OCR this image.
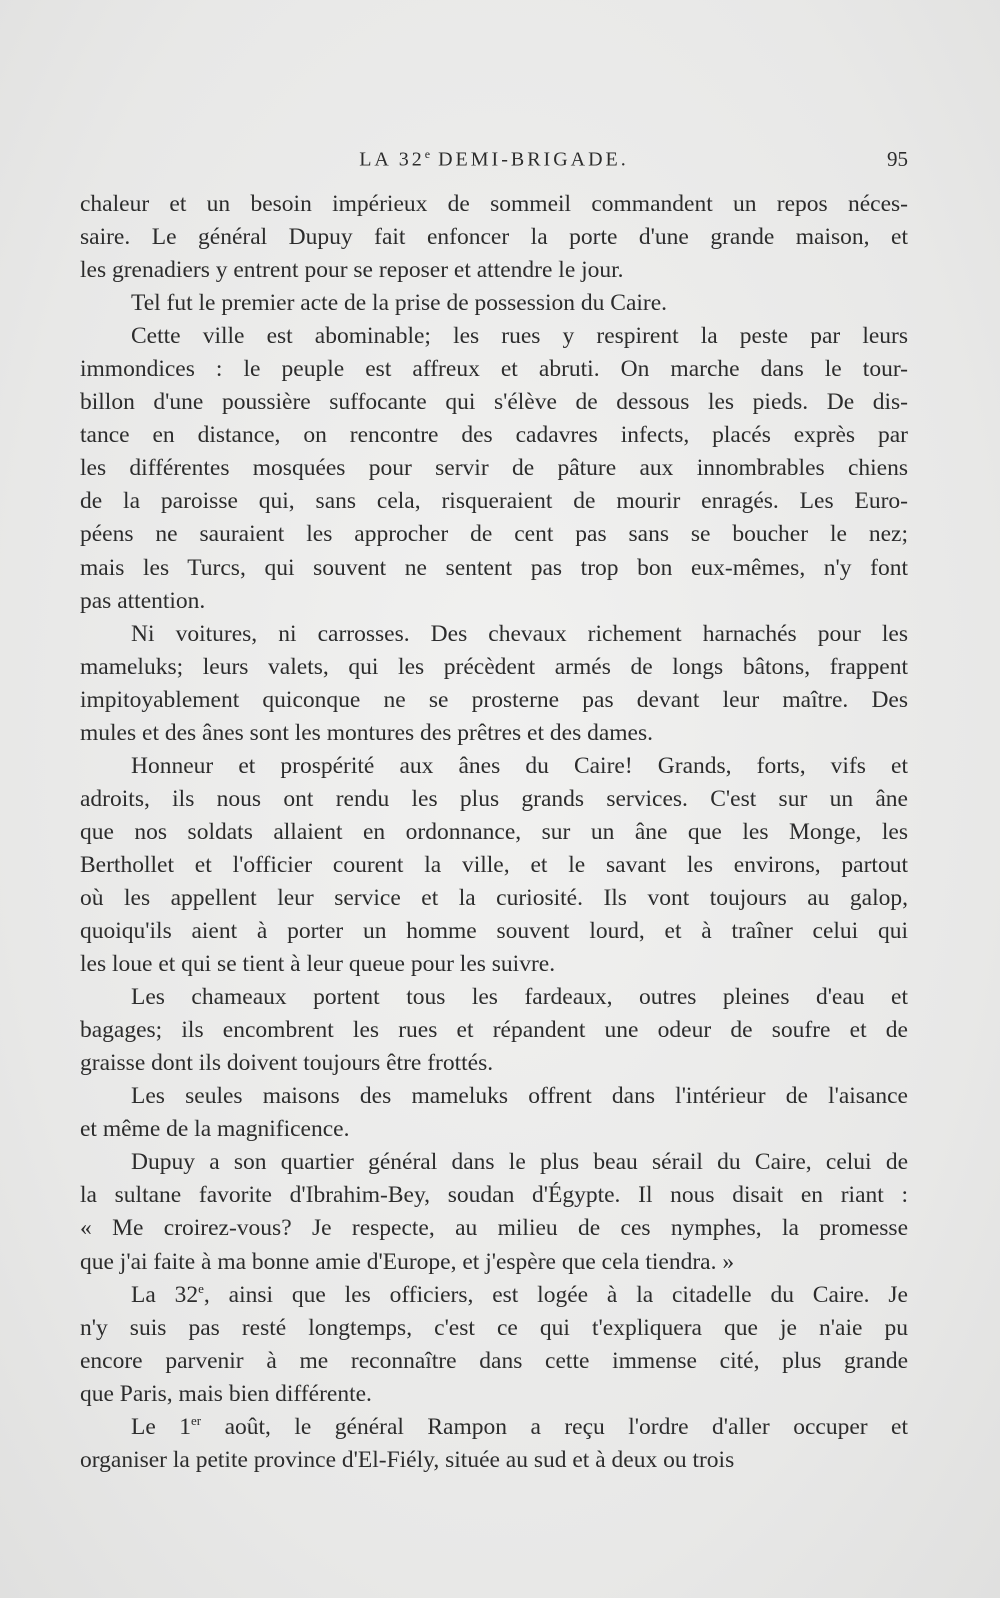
LA 32e DEMI-BRIGADE.	95
chaleur et un besoin impérieux de sommeil commandent un repos néces-
saire. Le général Dupuy fait enfoncer la porte d'une grande maison, et
les grenadiers y entrent pour se reposer et attendre le jour.
Tel fut le premier acte de la prise de possession du Caire.
Cette ville est abominable; les rues y respirent la peste par leurs
immondices : le peuple est affreux et abruti. On marche dans le tour-
billon d'une poussière suffocante qui s'élève de dessous les pieds. De dis-
tance en distance, on rencontre des cadavres infects, placés exprès par
les différentes mosquées pour servir de pâture aux innombrables chiens
de la paroisse qui, sans cela, risqueraient de mourir enragés. Les Euro-
péens ne sauraient les approcher de cent pas sans se boucher le nez;
mais les Turcs, qui souvent ne sentent pas trop bon eux-mêmes, n'y font
pas attention.
Ni voitures, ni carrosses. Des chevaux richement harnachés pour les
mameluks; leurs valets, qui les précèdent armés de longs bâtons, frappent
impitoyablement quiconque ne se prosterne pas devant leur maître. Des
mules et des ânes sont les montures des prêtres et des dames.
Honneur et prospérité aux ânes du Caire! Grands, forts, vifs et
adroits, ils nous ont rendu les plus grands services. C'est sur un âne
que nos soldats allaient en ordonnance, sur un âne que les Monge, les
Berthollet et l'officier courent la ville, et le savant les environs, partout
où les appellent leur service et la curiosité. Ils vont toujours au galop,
quoiqu'ils aient à porter un homme souvent lourd, et à traîner celui qui
les loue et qui se tient à leur queue pour les suivre.
Les chameaux portent tous les fardeaux, outres pleines d'eau et
bagages; ils encombrent les rues et répandent une odeur de soufre et de
graisse dont ils doivent toujours être frottés.
Les seules maisons des mameluks offrent dans l'intérieur de l'aisance
et même de la magnificence.
Dupuy a son quartier général dans le plus beau sérail du Caire, celui de
la sultane favorite d'Ibrahim-Bey, soudan d'Égypte. Il nous disait en riant :
« Me croirez-vous? Je respecte, au milieu de ces nymphes, la promesse
que j'ai faite à ma bonne amie d'Europe, et j'espère que cela tiendra. »
La 32e, ainsi que les officiers, est logée à la citadelle du Caire. Je
n'y suis pas resté longtemps, c'est ce qui t'expliquera que je n'aie pu
encore parvenir à me reconnaître dans cette immense cité, plus grande
que Paris, mais bien différente.
Le 1er août, le général Rampon a reçu l'ordre d'aller occuper et
organiser la petite province d'El-Fiély, située au sud et à deux ou trois
